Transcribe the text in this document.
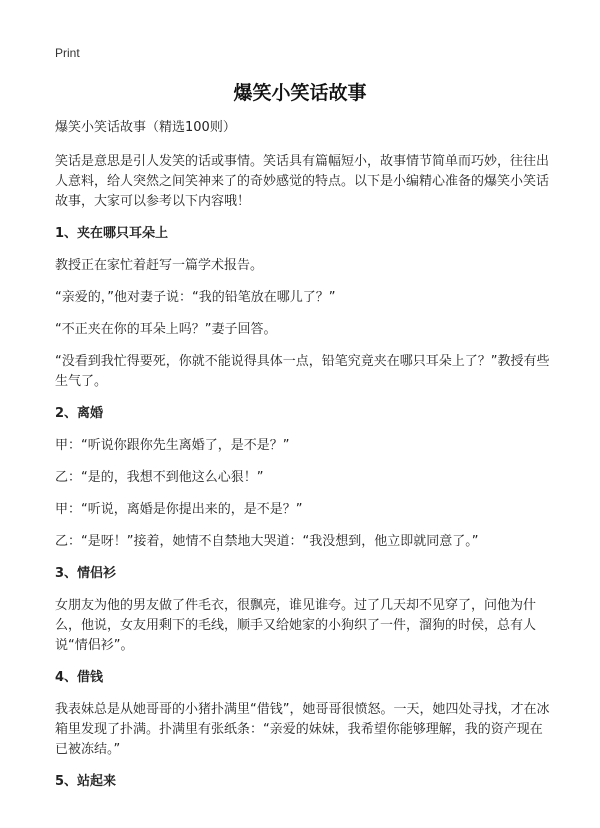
Print
爆笑小笑话故事

爆笑小笑话故事（精选100则）

笑话是意思是引人发笑的话或事情。笑话具有篇幅短小，故事情节简单而巧妙，往往出人意料，给人突然之间笑神来了的奇妙感觉的特点。以下是小编精心准备的爆笑小笑话故事，大家可以参考以下内容哦！

1、夹在哪只耳朵上

教授正在家忙着赶写一篇学术报告。

“亲爱的，”他对妻子说：“我的铅笔放在哪儿了？”

“不正夹在你的耳朵上吗？”妻子回答。

“没看到我忙得要死，你就不能说得具体一点，铅笔究竟夹在哪只耳朵上了？”教授有些生气了。

2、离婚

甲：“听说你跟你先生离婚了，是不是？”

乙：“是的，我想不到他这么心狠！”

甲：“听说，离婚是你提出来的，是不是？”

乙：“是呀！”接着，她情不自禁地大哭道：“我没想到，他立即就同意了。”

3、情侣衫

女朋友为他的男友做了件毛衣，很飘亮，谁见谁夸。过了几天却不见穿了，问他为什么，他说，女友用剩下的毛线，顺手又给她家的小狗织了一件，溜狗的时侯，总有人说“情侣衫”。

4、借钱

我表妹总是从她哥哥的小猪扑满里“借钱”，她哥哥很愤怒。一天，她四处寻找，才在冰箱里发现了扑满。扑满里有张纸条：“亲爱的妹妹，我希望你能够理解，我的资产现在已被冻结。”

5、站起来
